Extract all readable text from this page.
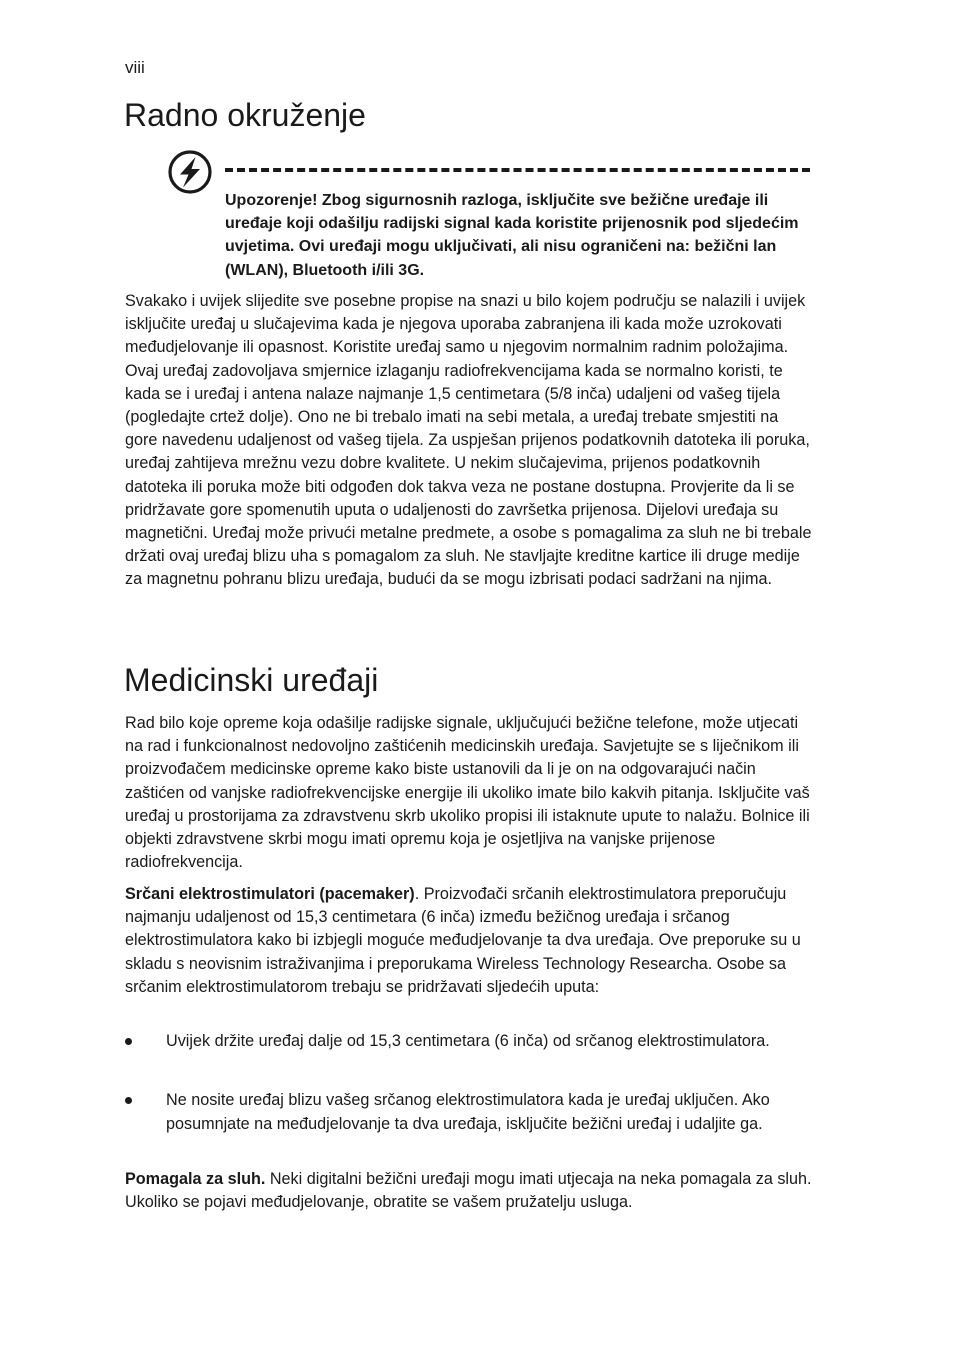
viii
Radno okruženje

Upozorenje! Zbog sigurnosnih razloga, isključite sve bežične uređaje ili uređaje koji odašilju radijski signal kada koristite prijenosnik pod sljedećim uvjetima. Ovi uređaji mogu uključivati, ali nisu ograničeni na: bežični lan (WLAN), Bluetooth i/ili 3G.

Svakako i uvijek slijedite sve posebne propise na snazi u bilo kojem području se nalazili i uvijek isključite uređaj u slučajevima kada je njegova uporaba zabranjena ili kada može uzrokovati međudjelovanje ili opasnost. Koristite uređaj samo u njegovim normalnim radnim položajima. Ovaj uređaj zadovoljava smjernice izlaganju radiofrekvencijama kada se normalno koristi, te kada se i uređaj i antena nalaze najmanje 1,5 centimetara (5/8 inča) udaljeni od vašeg tijela (pogledajte crtež dolje). Ono ne bi trebalo imati na sebi metala, a uređaj trebate smjestiti na gore navedenu udaljenost od vašeg tijela. Za uspješan prijenos podatkovnih datoteka ili poruka, uređaj zahtijeva mrežnu vezu dobre kvalitete. U nekim slučajevima, prijenos podatkovnih datoteka ili poruka može biti odgođen dok takva veza ne postane dostupna. Provjerite da li se pridržavate gore spomenutih uputa o udaljenosti do završetka prijenosa. Dijelovi uređaja su magnetični. Uređaj može privući metalne predmete, a osobe s pomagalima za sluh ne bi trebale držati ovaj uređaj blizu uha s pomagalom za sluh. Ne stavljajte kreditne kartice ili druge medije za magnetnu pohranu blizu uređaja, budući da se mogu izbrisati podaci sadržani na njima.

Medicinski uređaji

Rad bilo koje opreme koja odašilje radijske signale, uključujući bežične telefone, može utjecati na rad i funkcionalnost nedovoljno zaštićenih medicinskih uređaja. Savjetujte se s liječnikom ili proizvođačem medicinske opreme kako biste ustanovili da li je on na odgovarajući način zaštićen od vanjske radiofrekvencijske energije ili ukoliko imate bilo kakvih pitanja. Isključite vaš uređaj u prostorijama za zdravstvenu skrb ukoliko propisi ili istaknute upute to nalažu. Bolnice ili objekti zdravstvene skrbi mogu imati opremu koja je osjetljiva na vanjske prijenose radiofrekvencija.

Srčani elektrostimulatori (pacemaker). Proizvođači srčanih elektrostimulatora preporučuju najmanju udaljenost od 15,3 centimetara (6 inča) između bežičnog uređaja i srčanog elektrostimulatora kako bi izbjegli moguće međudjelovanje ta dva uređaja. Ove preporuke su u skladu s neovisnim istraživanjima i preporukama Wireless Technology Researcha. Osobe sa srčanim elektrostimulatorom trebaju se pridržavati sljedećih uputa:

Uvijek držite uređaj dalje od 15,3 centimetara (6 inča) od srčanog elektrostimulatora.

Ne nosite uređaj blizu vašeg srčanog elektrostimulatora kada je uređaj uključen. Ako posumnjate na međudjelovanje ta dva uređaja, isključite bežični uređaj i udaljite ga.

Pomagala za sluh. Neki digitalni bežični uređaji mogu imati utjecaja na neka pomagala za sluh. Ukoliko se pojavi međudjelovanje, obratite se vašem pružatelju usluga.
